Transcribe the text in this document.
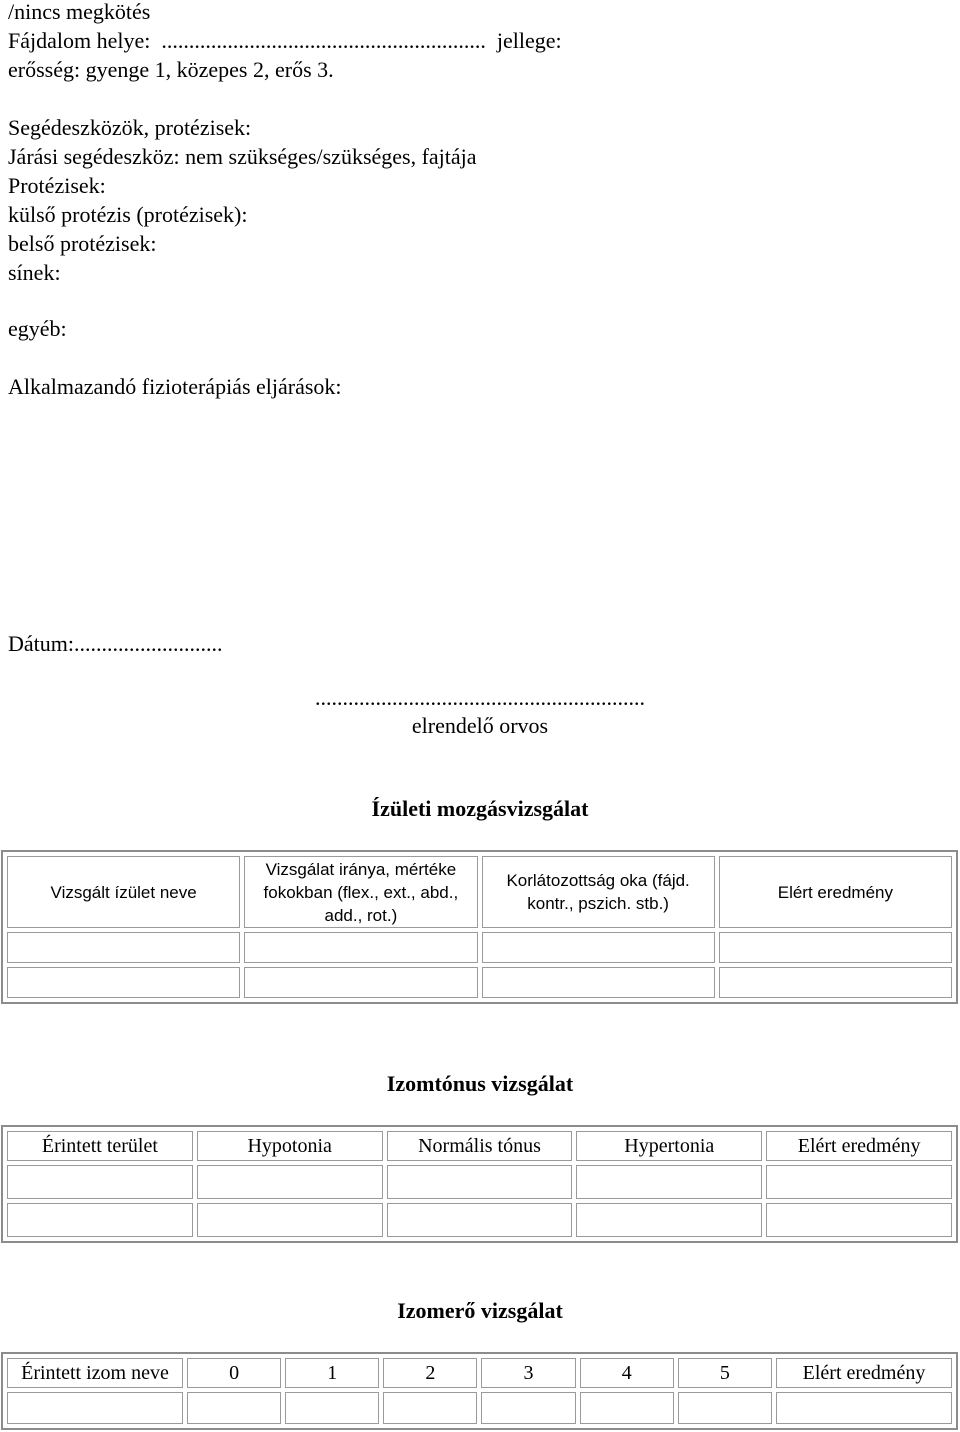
/nincs megkötés
Fájdalom helye:  ...........................................................  jellege:
erősség: gyenge 1, közepes 2, erős 3.
Segédeszközök, protézisek:
Járási segédeszköz: nem szükséges/szükséges, fajtája
Protézisek:
külső protézis (protézisek):
belső protézisek:
sínek:
egyéb:
Alkalmazandó fizioterápiás eljárások:
Dátum:...........................
............................................................
elrendelő orvos
Ízületi mozgásvizsgálat
Vizsgált ízület neve	Vizsgálat iránya, mértéke fokokban (flex., ext., abd., add., rot.)	Korlátozottság oka (fájd. kontr., pszich. stb.)	Elért eredmény

Izomtónus vizsgálat
Érintett terület	Hypotonia	Normális tónus	Hypertonia	Elért eredmény

Izomerő vizsgálat
Érintett izom neve	0	1	2	3	4	5	Elért eredmény
